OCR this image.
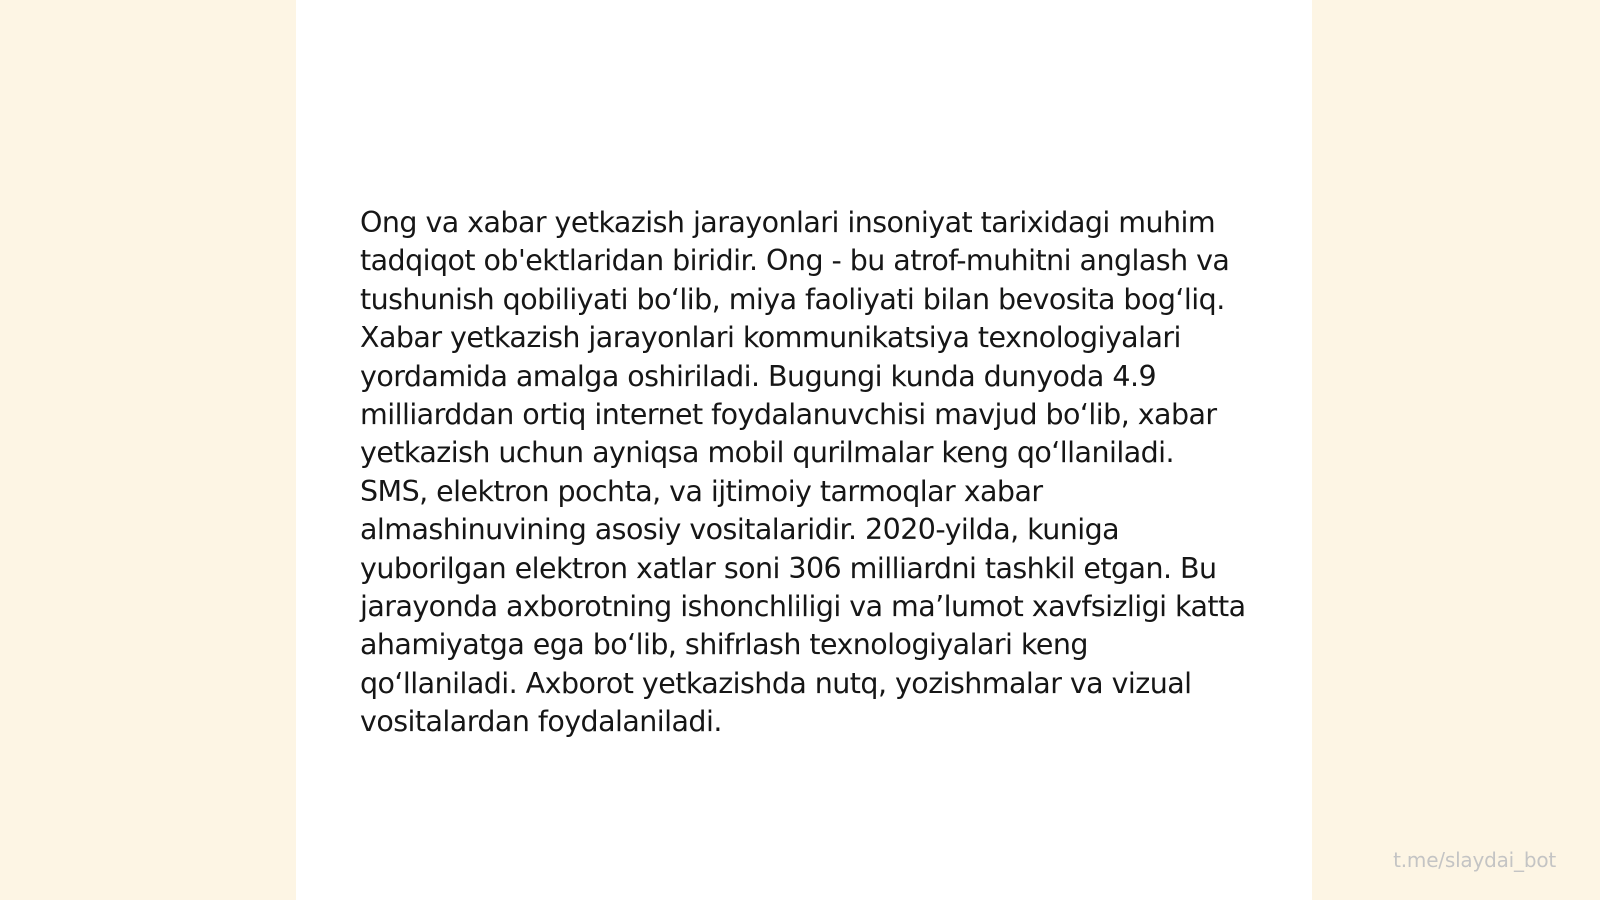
Ong va xabar yetkazish jarayonlari insoniyat tarixidagi muhim tadqiqot ob'ektlaridan biridir. Ong - bu atrof-muhitni anglash va tushunish qobiliyati bo‘lib, miya faoliyati bilan bevosita bog‘liq. Xabar yetkazish jarayonlari kommunikatsiya texnologiyalari yordamida amalga oshiriladi. Bugungi kunda dunyoda 4.9 milliarddan ortiq internet foydalanuvchisi mavjud bo‘lib, xabar yetkazish uchun ayniqsa mobil qurilmalar keng qo‘llaniladi. SMS, elektron pochta, va ijtimoiy tarmoqlar xabar almashinuvining asosiy vositalaridir. 2020-yilda, kuniga yuborilgan elektron xatlar soni 306 milliardni tashkil etgan. Bu jarayonda axborotning ishonchliligi va ma’lumot xavfsizligi katta ahamiyatga ega bo‘lib, shifrlash texnologiyalari keng qo‘llaniladi. Axborot yetkazishda nutq, yozishmalar va vizual vositalardan foydalaniladi.

t.me/slaydai_bot
